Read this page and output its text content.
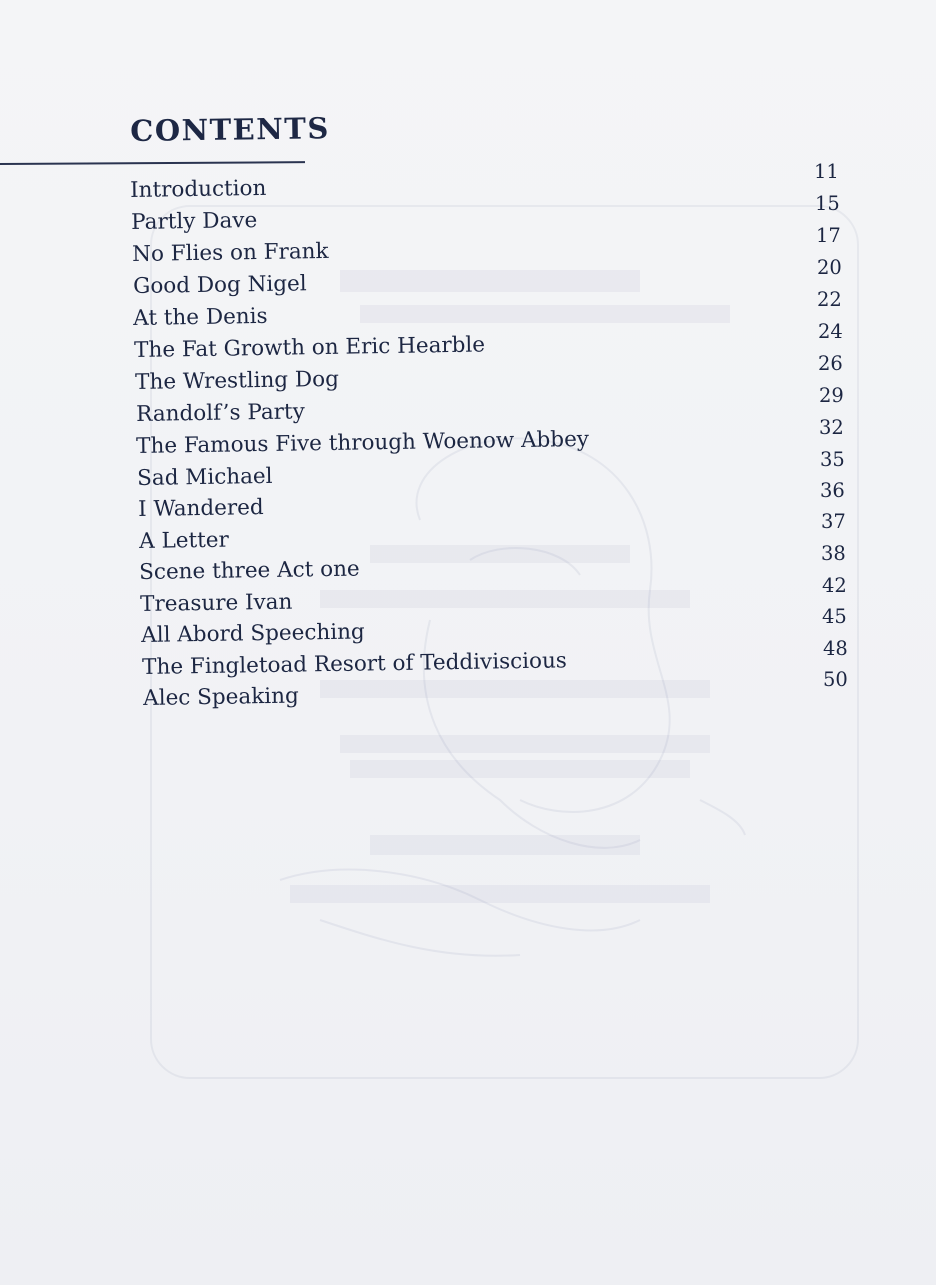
CONTENTS
Introduction
Partly Dave
No Flies on Frank
Good Dog Nigel
At the Denis
The Fat Growth on Eric Hearble
The Wrestling Dog
Randolf’s Party
The Famous Five through Woenow Abbey
Sad Michael
I Wandered
A Letter
Scene three Act one
Treasure Ivan
All Abord Speeching
The Fingletoad Resort of Teddiviscious
Alec Speaking
11
15
17
20
22
24
26
29
32
35
36
37
38
42
45
48
50
